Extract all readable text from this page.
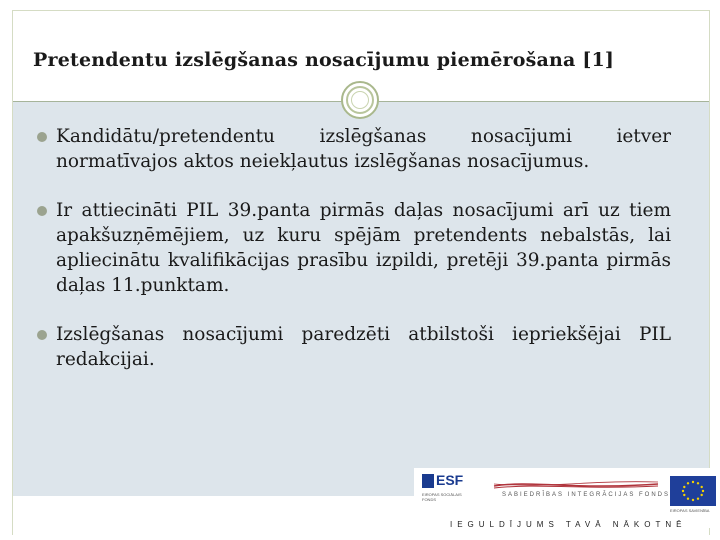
Pretendentu izslēgšanas nosacījumu piemērošana [1]
Kandidātu/pretendentu izslēgšanas nosacījumi ietver normatīvajos aktos neiekļautus izslēgšanas nosacījumus.
Ir attiecināti PIL 39.panta pirmās daļas nosacījumi arī uz tiem apakšuzņēmējiem, uz kuru spējām pretendents nebalstās, lai apliecinātu kvalifikācijas prasību izpildi, pretēji 39.panta pirmās daļas 11.punktam.
Izslēgšanas nosacījumi paredzēti atbilstoši iepriekšējai PIL redakcijai.
ESF
EIROPAS SOCIĀLAIS FONDS
SABIEDRĪBAS INTEGRĀCIJAS FONDS
EIROPAS SAVIENĪBA
IEGULDĪJUMS TAVĀ NĀKOTNĒ
